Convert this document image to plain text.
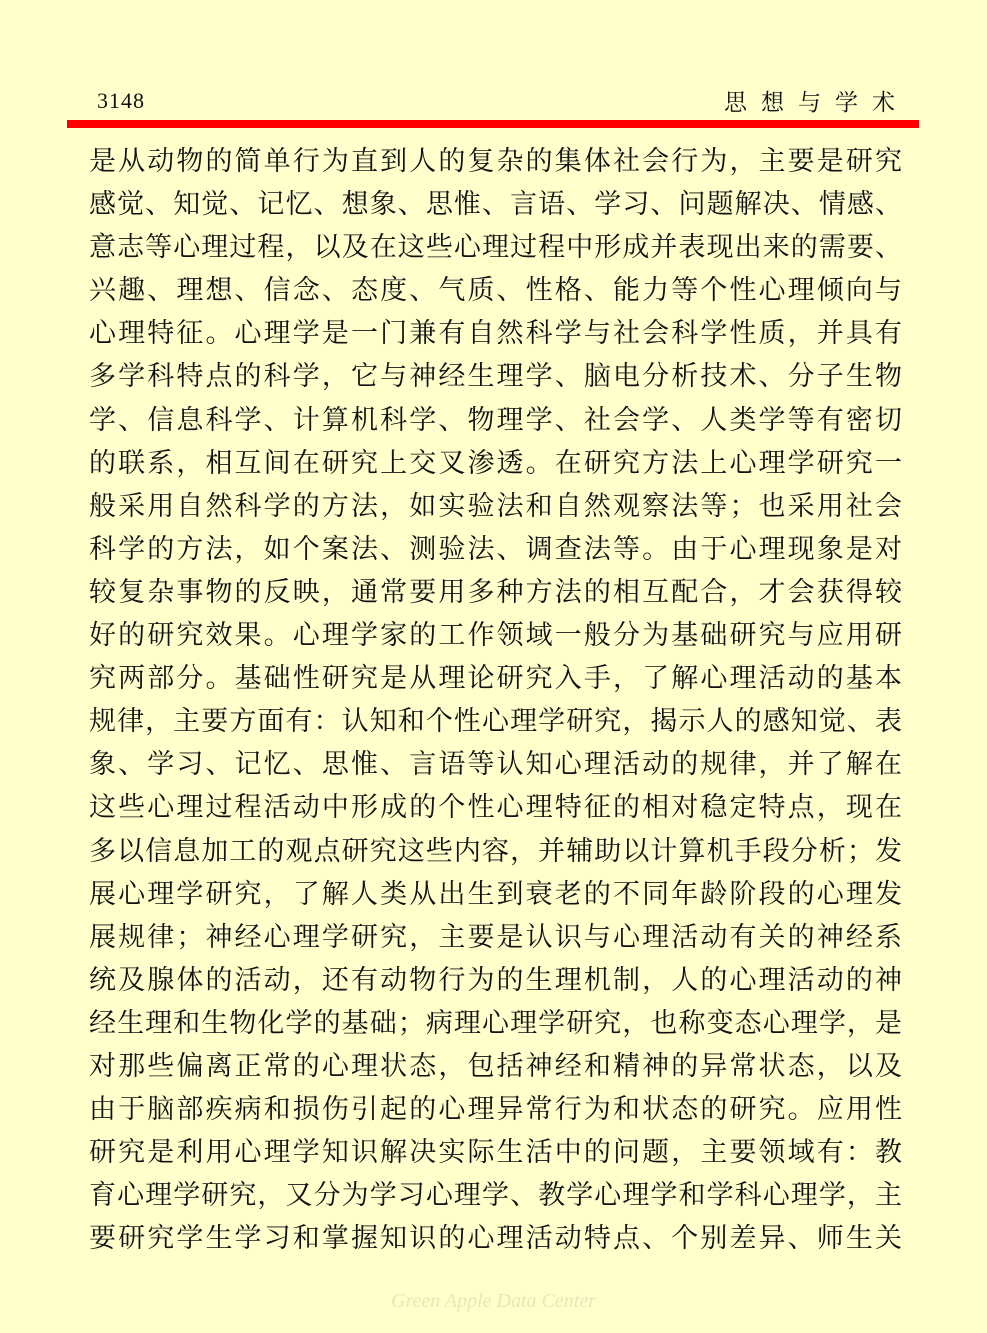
3148	思想与学术
是从动物的简单行为直到人的复杂的集体社会行为，主要是研究
感觉、知觉、记忆、想象、思惟、言语、学习、问题解决、情感、
意志等心理过程，以及在这些心理过程中形成并表现出来的需要、
兴趣、理想、信念、态度、气质、性格、能力等个性心理倾向与
心理特征。心理学是一门兼有自然科学与社会科学性质，并具有
多学科特点的科学，它与神经生理学、脑电分析技术、分子生物
学、信息科学、计算机科学、物理学、社会学、人类学等有密切
的联系，相互间在研究上交叉渗透。在研究方法上心理学研究一
般采用自然科学的方法，如实验法和自然观察法等；也采用社会
科学的方法，如个案法、测验法、调查法等。由于心理现象是对
较复杂事物的反映，通常要用多种方法的相互配合，才会获得较
好的研究效果。心理学家的工作领域一般分为基础研究与应用研
究两部分。基础性研究是从理论研究入手，了解心理活动的基本
规律，主要方面有：认知和个性心理学研究，揭示人的感知觉、表
象、学习、记忆、思惟、言语等认知心理活动的规律，并了解在
这些心理过程活动中形成的个性心理特征的相对稳定特点，现在
多以信息加工的观点研究这些内容，并辅助以计算机手段分析；发
展心理学研究，了解人类从出生到衰老的不同年龄阶段的心理发
展规律；神经心理学研究，主要是认识与心理活动有关的神经系
统及腺体的活动，还有动物行为的生理机制，人的心理活动的神
经生理和生物化学的基础；病理心理学研究，也称变态心理学，是
对那些偏离正常的心理状态，包括神经和精神的异常状态，以及
由于脑部疾病和损伤引起的心理异常行为和状态的研究。应用性
研究是利用心理学知识解决实际生活中的问题，主要领域有：教
育心理学研究，又分为学习心理学、教学心理学和学科心理学，主
要研究学生学习和掌握知识的心理活动特点、个别差异、师生关
Green Apple Data Center
